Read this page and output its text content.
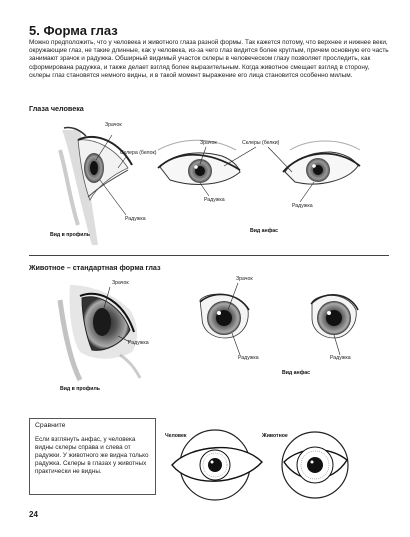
5. Форма глаз

Можно предположить, что у человека и животного глаза разной формы. Так кажется потому, что верхнее и нижнее веки, окружающие глаз, не такие длинные, как у человека, из-за чего глаз видится более круглым, причем основную его часть занимают зрачок и радужка. Обширный видимый участок склеры в человеческом глазу позволяет проследить, как сформирована радужка, и также делает взгляд более выразительным. Когда животное смещает взгляд в сторону, склеры глаз становятся немного видны, и в такой момент выражение его лица становится особенно милым.

Глаза человека
Зрачок
Склера (белок)
Радужка
Вид в профиль
Зрачок	Склеры (белки)
Радужка
Радужка
Вид анфас
Животное – стандартная форма глаз
Зрачок
Радужка
Вид в профиль
Зрачок
Радужка	Радужка
Вид анфас
Сравните

Если взглянуть анфас, у человека видны склеры справа и слева от радужки. У животного же видна только радужка. Склеры в глазах у животных практически не видны.

Человек	Животное
24
